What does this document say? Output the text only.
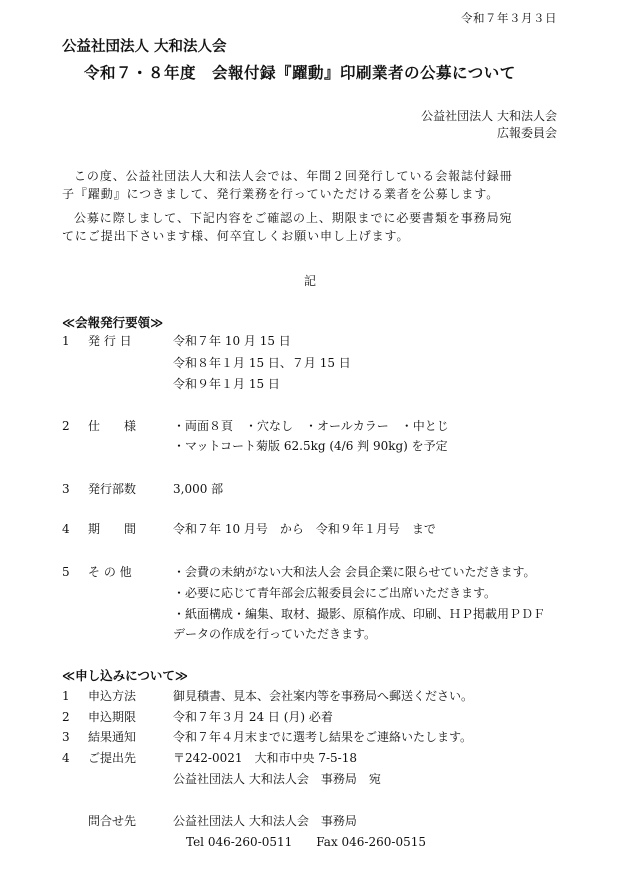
令和７年３月３日
公益社団法人 大和法人会
令和７・８年度　会報付録『躍動』印刷業者の公募について
公益社団法人 大和法人会
広報委員会
この度、公益社団法人大和法人会では、年間２回発行している会報誌付録冊
子『躍動』につきまして、発行業務を行っていただける業者を公募します。
公募に際しまして、下記内容をご確認の上、期限までに必要書類を事務局宛
てにご提出下さいます様、何卒宜しくお願い申し上げます。
記
≪会報発行要領≫
1 発 行 日	令和７年 10 月 15 日
令和８年１月 15 日、７月 15 日
令和９年１月 15 日
2 仕　　様	・両面８頁　・穴なし　・オールカラー　・中とじ
・マットコート菊版 62.5kg (4/6 判 90kg) を予定
3 発行部数	3,000 部
4 期　　間	令和７年 10 月号　から　令和９年１月号　まで
5 そ の 他	・会費の未納がない大和法人会 会員企業に限らせていただきます。
・必要に応じて青年部会広報委員会にご出席いただきます。
・紙面構成・編集、取材、撮影、原稿作成、印刷、ＨＰ掲載用ＰＤＦ
データの作成を行っていただきます。
≪申し込みについて≫
1 申込方法	御見積書、見本、会社案内等を事務局へ郵送ください。
2 申込期限	令和７年３月 24 日 (月) 必着
3 結果通知	令和７年４月末までに選考し結果をご連絡いたします。
4 ご提出先	〒242-0021　大和市中央 7-5-18
公益社団法人 大和法人会　事務局　宛
問合せ先	公益社団法人 大和法人会　事務局
Tel 046-260-0511　　Fax 046-260-0515
